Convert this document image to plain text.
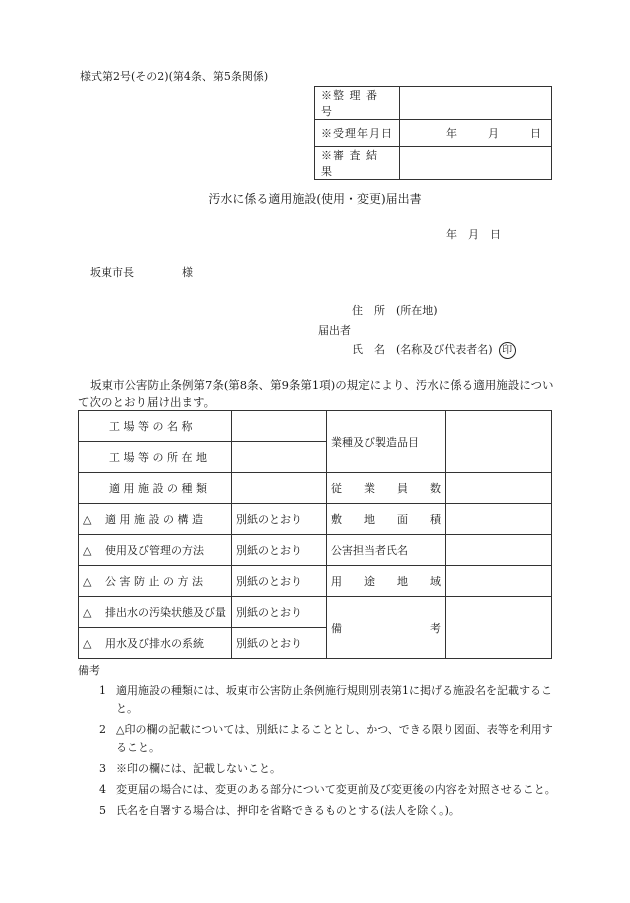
様式第2号(その2)(第4条、第5条関係)
※整 理 番 号	
※受理年月日	年 月 日

※審 査 結 果	
汚水に係る適用施設(使用・変更)届出書
年　月　日
坂東市長	様
住　所　(所在地)
届出者
氏　名　(名称及び代表者名) 印
坂東市公害防止条例第7条(第8条、第9条第1項)の規定により、汚水に係る適用施設について次のとおり届け出ます。
工 場 等 の 名 称		業種及び製造品目	
工 場 等 の 所 在 地			
適 用 施 設 の 種 類		従 業 員 数	

△ 適 用 施 設 の 構 造	別紙のとおり	敷 地 面 積	

△ 使用及び管理の方法	別紙のとおり	公害担当者氏名	
△ 公 害 防 止 の 方 法	別紙のとおり	用 途 地 域	

△ 排出水の汚染状態及び量	別紙のとおり	備 考	

△ 用水及び排水の系統	別紙のとおり		
備考
1 適用施設の種類には、坂東市公害防止条例施行規則別表第1に掲げる施設名を記載すること。
2 △印の欄の記載については、別紙によることとし、かつ、できる限り図面、表等を利用すること。
3 ※印の欄には、記載しないこと。
4 変更届の場合には、変更のある部分について変更前及び変更後の内容を対照させること。
5 氏名を自署する場合は、押印を省略できるものとする(法人を除く。)。
